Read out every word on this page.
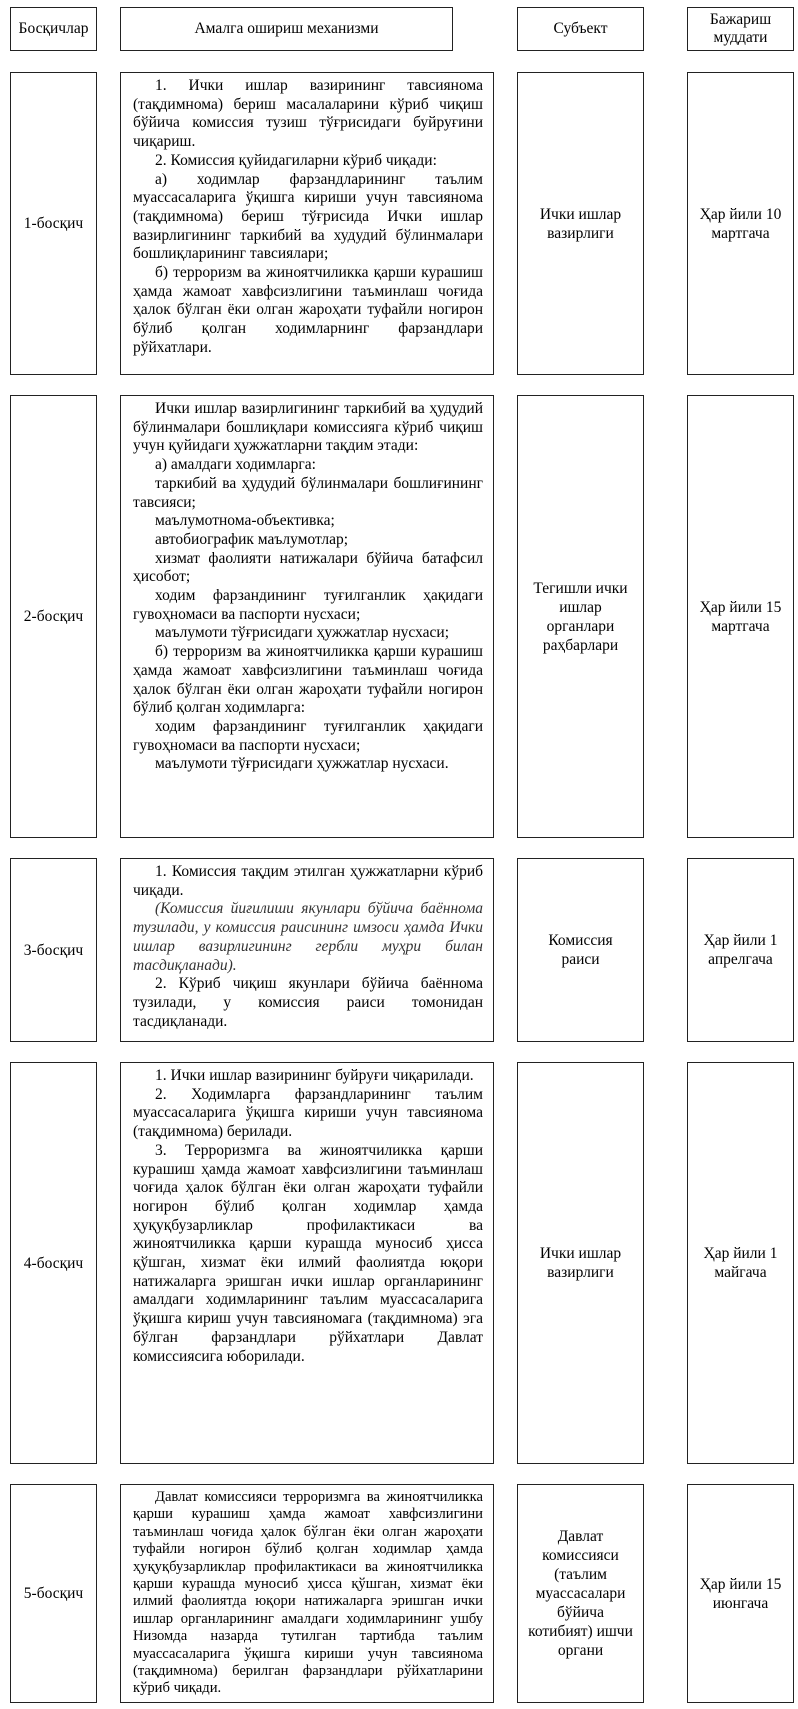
Босқичлар	Амалга ошириш механизми	Субъект
Бажариш муддати
1-босқич

1. Ички ишлар вазирининг тавсиянома (тақдимнома) бериш масалаларини кўриб чиқиш бўйича комиссия тузиш тўғрисидаги буйруғини чиқариш.

2. Комиссия қуйидагиларни кўриб чиқади:

а) ходимлар фарзандларининг таълим муассасаларига ўқишга кириши учун тавсиянома (тақдимнома) бериш тўғрисида Ички ишлар вазирлигининг таркибий ва худудий бўлинмалари бошлиқларининг тавсиялари;

б) терроризм ва жиноятчиликка қарши курашиш ҳамда жамоат хавфсизлигини таъминлаш чоғида ҳалок бўлган ёки олган жароҳати туфайли ногирон бўлиб қолган ходимларнинг фарзандлари рўйхатлари.

Ички ишлар вазирлиги
Ҳар йили 10 мартгача
2-босқич

Ички ишлар вазирлигининг таркибий ва ҳудудий бўлинмалари бошлиқлари комиссияга кўриб чиқиш учун қуйидаги ҳужжатларни тақдим этади:

а) амалдаги ходимларга:

таркибий ва ҳудудий бўлинмалари бошлиғининг тавсияси;

маълумотнома-объективка;

автобиографик маълумотлар;

хизмат фаолияти натижалари бўйича батафсил ҳисобот;

ходим фарзандининг туғилганлик ҳақидаги гувоҳномаси ва паспорти нусхаси;

маълумоти тўғрисидаги ҳужжатлар нусхаси;

б) терроризм ва жиноятчиликка қарши курашиш ҳамда жамоат хавфсизлигини таъминлаш чоғида ҳалок бўлган ёки олган жароҳати туфайли ногирон бўлиб қолган ходимларга:

ходим фарзандининг туғилганлик ҳақидаги гувоҳномаси ва паспорти нусхаси;

маълумоти тўғрисидаги ҳужжатлар нусхаси.

Тегишли ички ишлар органлари раҳбарлари
Ҳар йили 15 мартгача
3-босқич

1. Комиссия тақдим этилган ҳужжатларни кўриб чиқади.

(Комиссия йиғилиши якунлари бўйича баённома тузилади, у комиссия раисининг имзоси ҳамда Ички ишлар вазирлигининг гербли муҳри билан тасдиқланади).

2. Кўриб чиқиш якунлари бўйича баённома тузилади, у комиссия раиси томонидан тасдиқланади.

Комиссия раиси
Ҳар йили 1 апрелгача
4-босқич

1. Ички ишлар вазирининг буйруғи чиқарилади.

2. Ходимларга фарзандларининг таълим муассасаларига ўқишга кириши учун тавсиянома (тақдимнома) берилади.

3. Терроризмга ва жиноятчиликка қарши курашиш ҳамда жамоат хавфсизлигини таъминлаш чоғида ҳалок бўлган ёки олган жароҳати туфайли ногирон бўлиб қолган ходимлар ҳамда ҳуқуқбузарликлар профилактикаси ва жиноятчиликка қарши курашда муносиб ҳисса қўшган, хизмат ёки илмий фаолиятда юқори натижаларга эришган ички ишлар органларининг амалдаги ходимларининг таълим муассасаларига ўқишга кириш учун тавсияномага (тақдимнома) эга бўлган фарзандлари рўйхатлари Давлат комиссиясига юборилади.

Ички ишлар вазирлиги
Ҳар йили 1 майгача
5-босқич

Давлат комиссияси терроризмга ва жиноятчиликка қарши курашиш ҳамда жамоат хавфсизлигини таъминлаш чоғида ҳалок бўлган ёки олган жароҳати туфайли ногирон бўлиб қолган ходимлар ҳамда ҳуқуқбузарликлар профилактикаси ва жиноятчиликка қарши курашда муносиб ҳисса қўшган, хизмат ёки илмий фаолиятда юқори натижаларга эришган ички ишлар органларининг амалдаги ходимларининг ушбу Низомда назарда тутилган тартибда таълим муассасаларига ўқишга кириши учун тавсиянома (тақдимнома) берилган фарзандлари рўйхатларини кўриб чиқади.

Давлат комиссияси (таълим муассасалари бўйича котибият) ишчи органи
Ҳар йили 15 июнгача
